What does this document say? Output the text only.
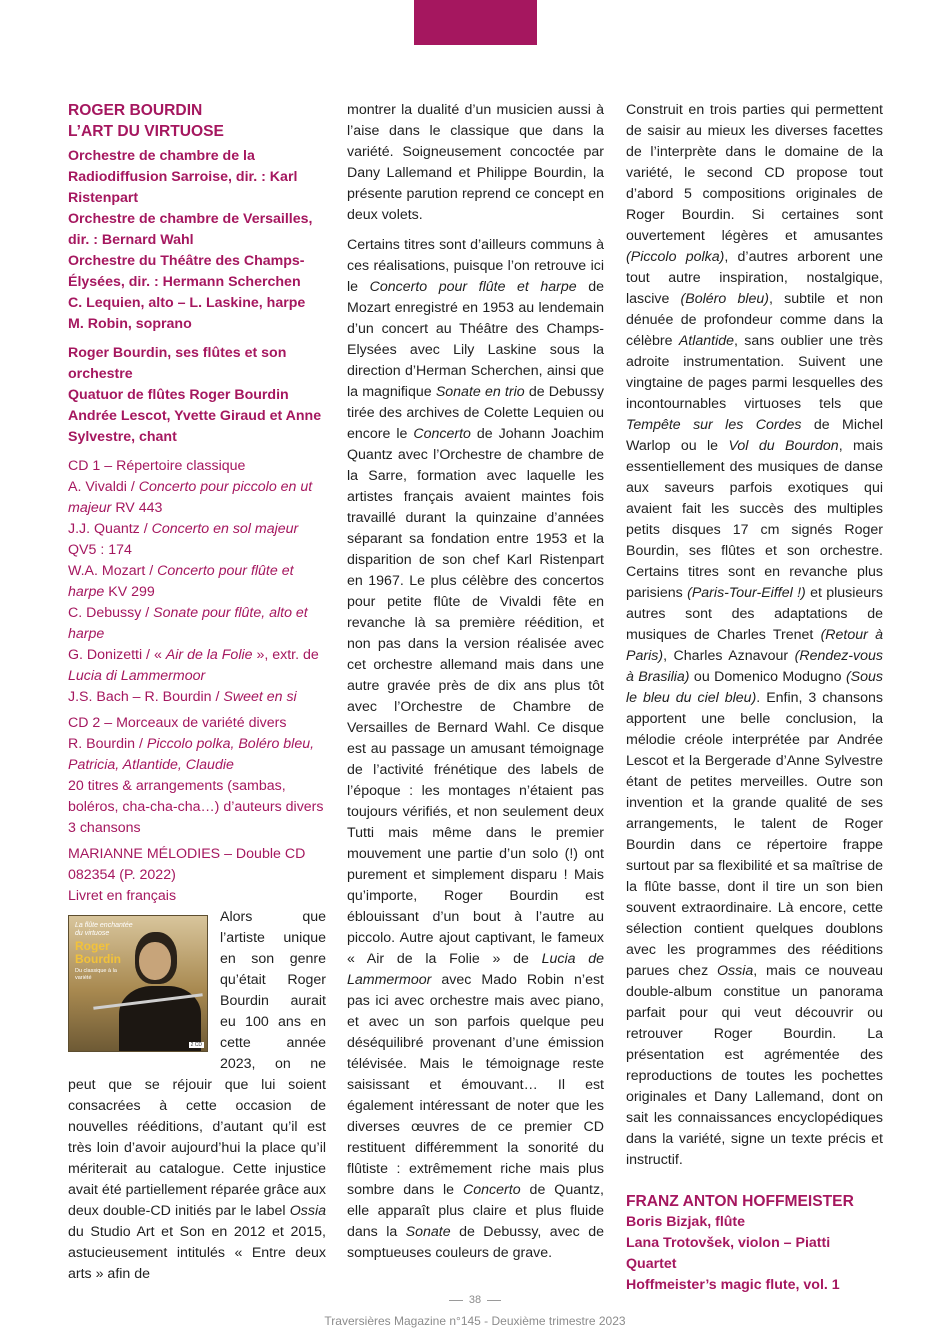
ROGER BOURDIN
L’ART DU VIRTUOSE
Orchestre de chambre de la Radiodiffusion Sarroise, dir. : Karl Ristenpart
Orchestre de chambre de Versailles, dir. : Bernard Wahl
Orchestre du Théâtre des Champs-Élysées, dir. : Hermann Scherchen
C. Lequien, alto – L. Laskine, harpe
M. Robin, soprano
Roger Bourdin, ses flûtes et son orchestre
Quatuor de flûtes Roger Bourdin
Andrée Lescot, Yvette Giraud et Anne Sylvestre, chant
CD 1 – Répertoire classique
A. Vivaldi / Concerto pour piccolo en ut majeur RV 443
J.J. Quantz / Concerto en sol majeur QV5 : 174
W.A. Mozart / Concerto pour flûte et harpe KV 299
C. Debussy / Sonate pour flûte, alto et harpe
G. Donizetti / « Air de la Folie », extr. de Lucia di Lammermoor
J.S. Bach – R. Bourdin / Sweet en si
CD 2 – Morceaux de variété divers
R. Bourdin / Piccolo polka, Boléro bleu, Patricia, Atlantide, Claudie
20 titres & arrangements (sambas, boléros, cha-cha-cha…) d’auteurs divers
3 chansons
MARIANNE MÉLODIES – Double CD 082354 (P. 2022)
Livret en français
La flûte enchantée du virtuose
Roger
Bourdin
Du classique à la variété
2 CD
Alors que l’artiste unique en son genre qu’était Roger Bourdin aurait eu 100 ans en cette année 2023, on ne peut que se réjouir que lui soient consacrées à cette occasion de nouvelles rééditions, d’autant qu’il est très loin d’avoir aujourd’hui la place qu’il mériterait au catalogue. Cette injustice avait été partiellement réparée grâce aux deux double-CD initiés par le label Ossia du Studio Art et Son en 2012 et 2015, astucieusement intitulés « Entre deux arts » afin de

montrer la dualité d’un musicien aussi à l’aise dans le classique que dans la variété. Soigneusement concoctée par Dany Lallemand et Philippe Bourdin, la présente parution reprend ce concept en deux volets.

Certains titres sont d’ailleurs communs à ces réalisations, puisque l’on retrouve ici le Concerto pour flûte et harpe de Mozart enregistré en 1953 au lendemain d’un concert au Théâtre des Champs-Elysées avec Lily Laskine sous la direction d’Herman Scherchen, ainsi que la magnifique Sonate en trio de Debussy tirée des archives de Colette Lequien ou encore le Concerto de Johann Joachim Quantz avec l’Orchestre de chambre de la Sarre, formation avec laquelle les artistes français avaient maintes fois travaillé durant la quinzaine d’années séparant sa fondation entre 1953 et la disparition de son chef Karl Ristenpart en 1967. Le plus célèbre des concertos pour petite flûte de Vivaldi fête en revanche là sa première réédition, et non pas dans la version réalisée avec cet orchestre allemand mais dans une autre gravée près de dix ans plus tôt avec l’Orchestre de Chambre de Versailles de Bernard Wahl. Ce disque est au passage un amusant témoignage de l’activité frénétique des labels de l’époque : les montages n’étaient pas toujours vérifiés, et non seulement deux Tutti mais même dans le premier mouvement une partie d’un solo (!) ont purement et simplement disparu ! Mais qu’importe, Roger Bourdin est éblouissant d’un bout à l’autre au piccolo. Autre ajout captivant, le fameux « Air de la Folie » de Lucia de Lammermoor avec Mado Robin n’est pas ici avec orchestre mais avec piano, et avec un son parfois quelque peu déséquilibré provenant d’une émission télévisée. Mais le témoignage reste saisissant et émouvant… Il est également intéressant de noter que les diverses œuvres de ce premier CD restituent différemment la sonorité du flûtiste : extrêmement riche mais plus sombre dans le Concerto de Quantz, elle apparaît plus claire et plus fluide dans la Sonate de Debussy, avec de somptueuses couleurs de grave.

Construit en trois parties qui permettent de saisir au mieux les diverses facettes de l’interprète dans le domaine de la variété, le second CD propose tout d’abord 5 compositions originales de Roger Bourdin. Si certaines sont ouvertement légères et amusantes (Piccolo polka), d’autres arborent une tout autre inspiration, nostalgique, lascive (Boléro bleu), subtile et non dénuée de profondeur comme dans la célèbre Atlantide, sans oublier une très adroite instrumentation. Suivent une vingtaine de pages parmi lesquelles des incontournables virtuoses tels que Tempête sur les Cordes de Michel Warlop ou le Vol du Bourdon, mais essentiellement des musiques de danse aux saveurs parfois exotiques qui avaient fait les succès des multiples petits disques 17 cm signés Roger Bourdin, ses flûtes et son orchestre. Certains titres sont en revanche plus parisiens (Paris-Tour-Eiffel !) et plusieurs autres sont des adaptations de musiques de Charles Trenet (Retour à Paris), Charles Aznavour (Rendez-vous à Brasilia) ou Domenico Modugno (Sous le bleu du ciel bleu). Enfin, 3 chansons apportent une belle conclusion, la mélodie créole interprétée par Andrée Lescot et la Bergerade d’Anne Sylvestre étant de petites merveilles. Outre son invention et la grande qualité de ses arrangements, le talent de Roger Bourdin dans ce répertoire frappe surtout par sa flexibilité et sa maîtrise de la flûte basse, dont il tire un son bien souvent extraordinaire. Là encore, cette sélection contient quelques doublons avec les programmes des rééditions parues chez Ossia, mais ce nouveau double-album constitue un panorama parfait pour qui veut découvrir ou retrouver Roger Bourdin. La présentation est agrémentée des reproductions de toutes les pochettes originales et Dany Lallemand, dont on sait les connaissances encyclopédiques dans la variété, signe un texte précis et instructif.

FRANZ ANTON HOFFMEISTER
Boris Bizjak, flûte
Lana Trotovšek, violon – Piatti Quartet
Hoffmeister’s magic flute, vol. 1
38
Traversières Magazine n°145 - Deuxième trimestre 2023
